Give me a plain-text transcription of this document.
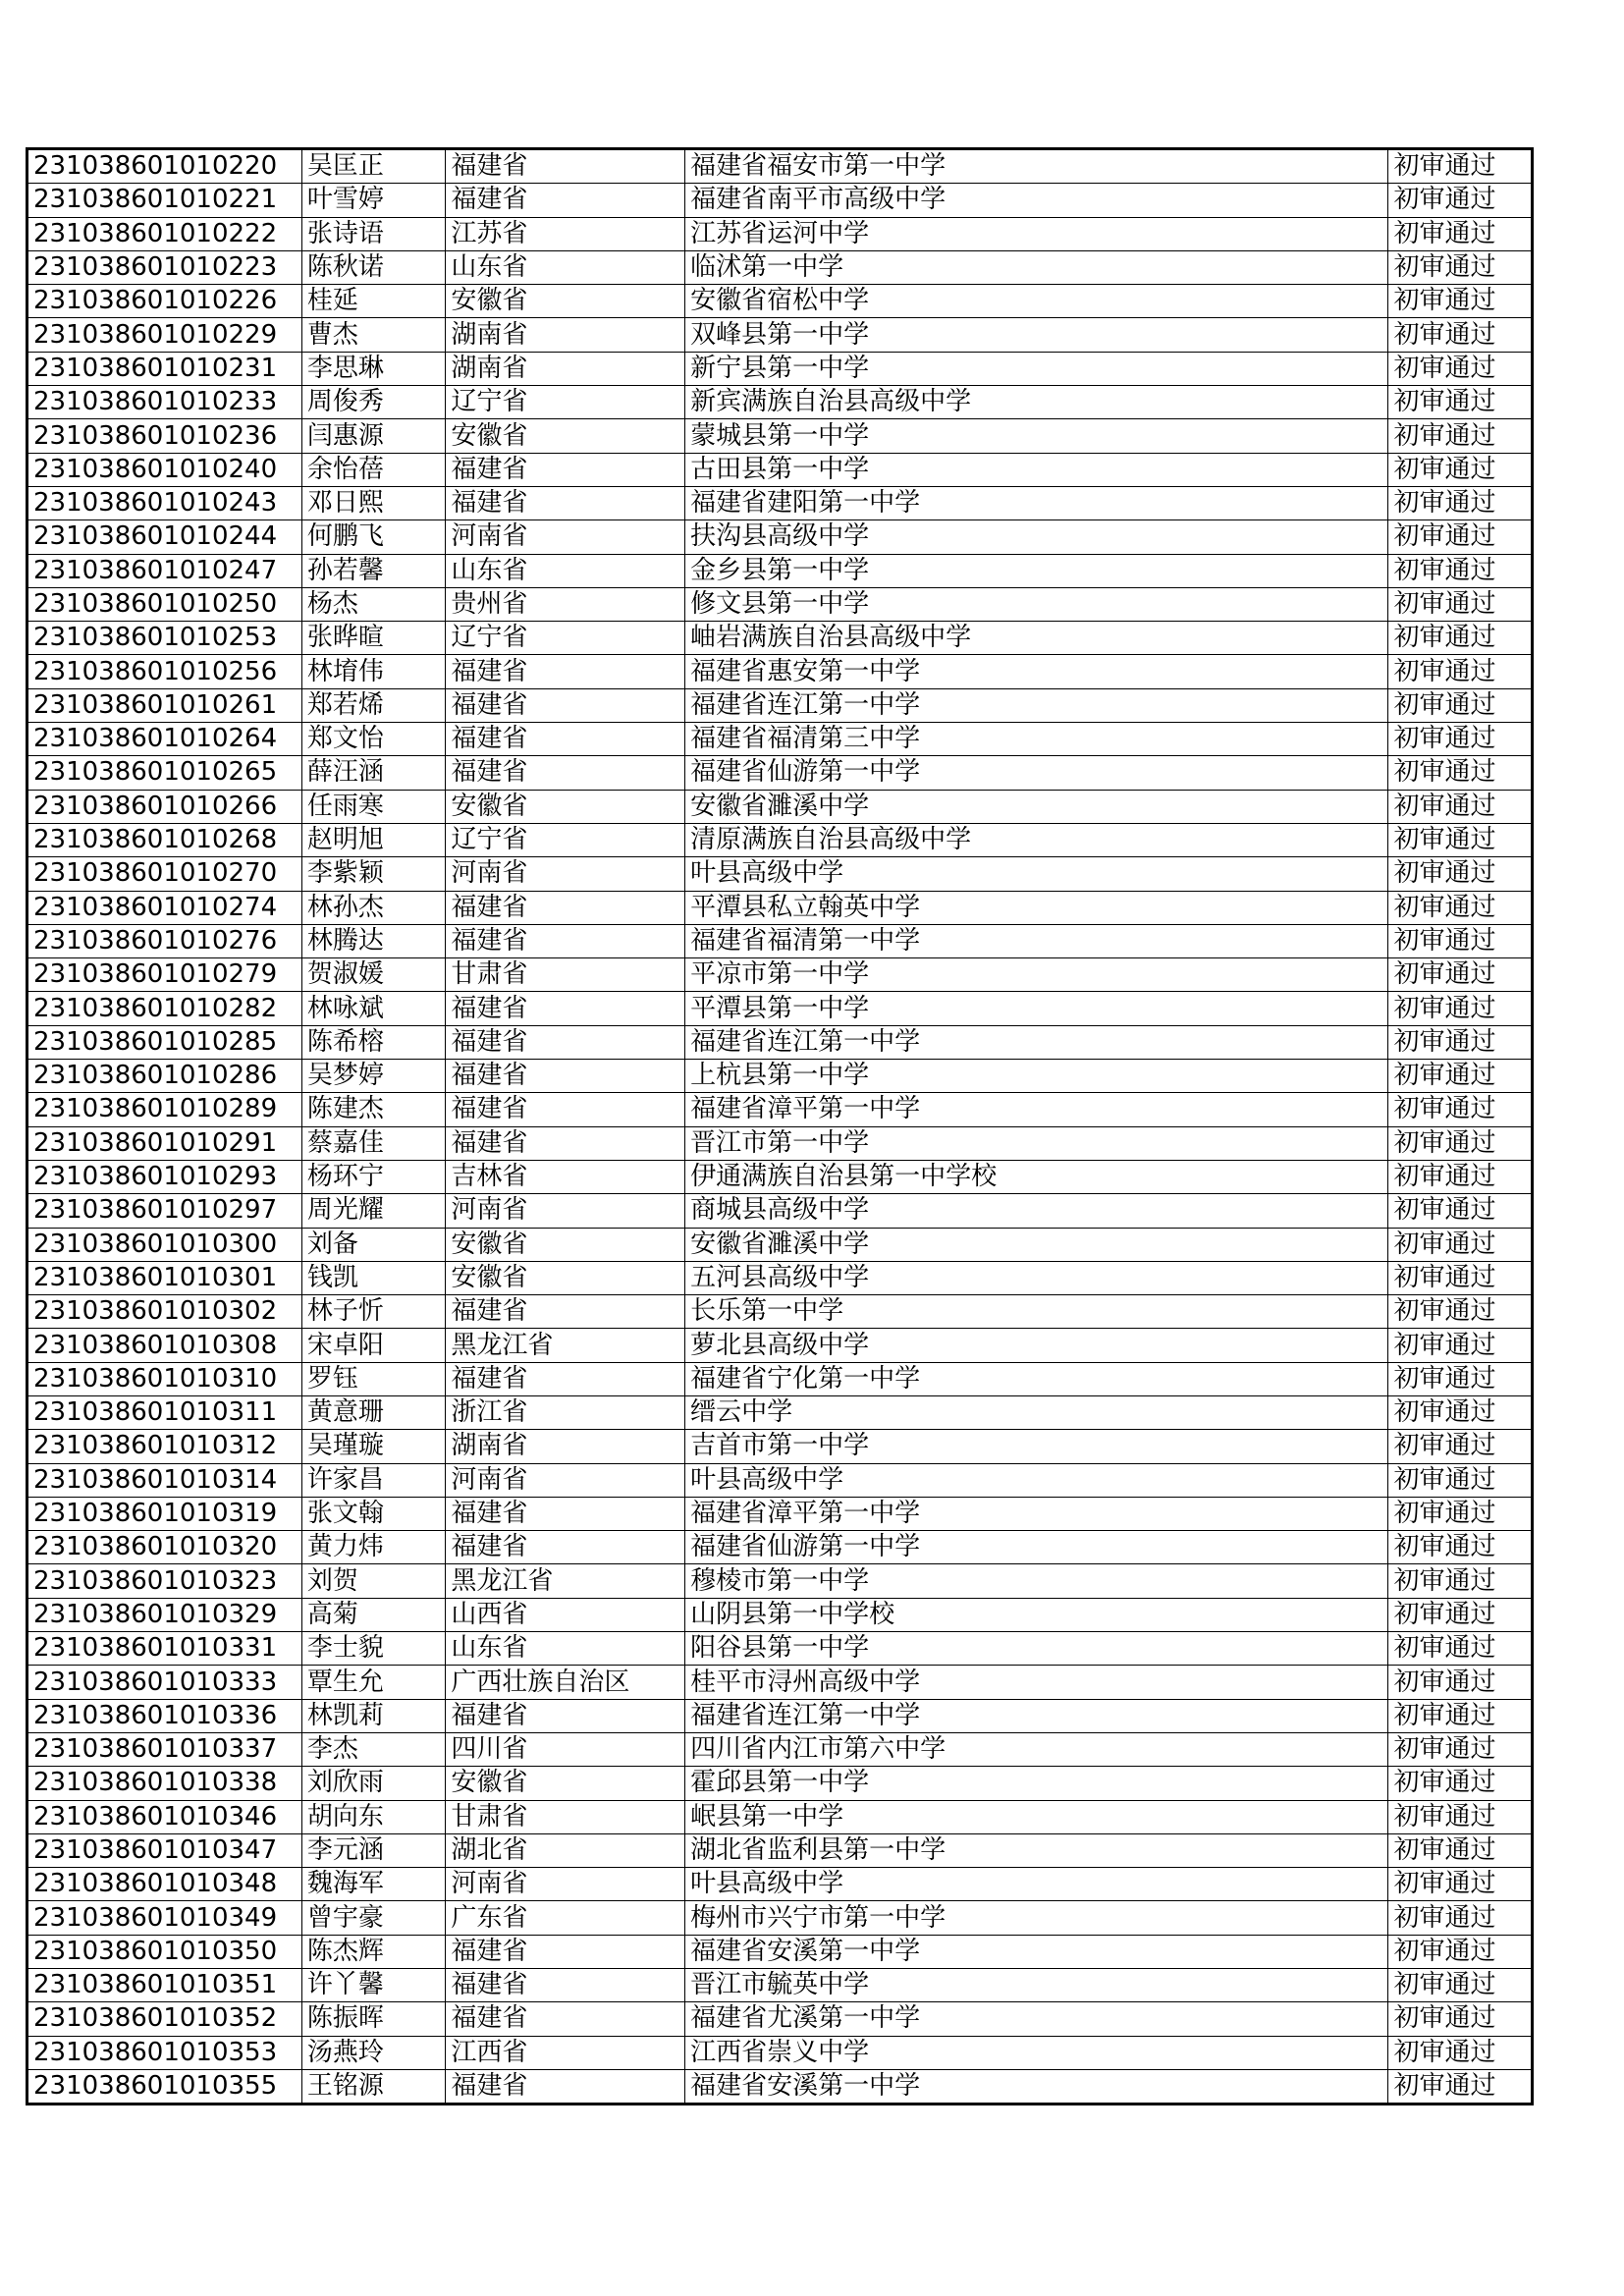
231038601010220	吴匡正	福建省	福建省福安市第一中学	初审通过
231038601010221	叶雪婷	福建省	福建省南平市高级中学	初审通过
231038601010222	张诗语	江苏省	江苏省运河中学	初审通过
231038601010223	陈秋诺	山东省	临沭第一中学	初审通过
231038601010226	桂延	安徽省	安徽省宿松中学	初审通过
231038601010229	曹杰	湖南省	双峰县第一中学	初审通过
231038601010231	李思琳	湖南省	新宁县第一中学	初审通过
231038601010233	周俊秀	辽宁省	新宾满族自治县高级中学	初审通过
231038601010236	闫惠源	安徽省	蒙城县第一中学	初审通过
231038601010240	余怡蓓	福建省	古田县第一中学	初审通过
231038601010243	邓日熙	福建省	福建省建阳第一中学	初审通过
231038601010244	何鹏飞	河南省	扶沟县高级中学	初审通过
231038601010247	孙若馨	山东省	金乡县第一中学	初审通过
231038601010250	杨杰	贵州省	修文县第一中学	初审通过
231038601010253	张晔暄	辽宁省	岫岩满族自治县高级中学	初审通过
231038601010256	林堉伟	福建省	福建省惠安第一中学	初审通过
231038601010261	郑若烯	福建省	福建省连江第一中学	初审通过
231038601010264	郑文怡	福建省	福建省福清第三中学	初审通过
231038601010265	薛汪涵	福建省	福建省仙游第一中学	初审通过
231038601010266	任雨寒	安徽省	安徽省濉溪中学	初审通过
231038601010268	赵明旭	辽宁省	清原满族自治县高级中学	初审通过
231038601010270	李紫颖	河南省	叶县高级中学	初审通过
231038601010274	林孙杰	福建省	平潭县私立翰英中学	初审通过
231038601010276	林腾达	福建省	福建省福清第一中学	初审通过
231038601010279	贺淑媛	甘肃省	平凉市第一中学	初审通过
231038601010282	林咏斌	福建省	平潭县第一中学	初审通过
231038601010285	陈希榕	福建省	福建省连江第一中学	初审通过
231038601010286	吴梦婷	福建省	上杭县第一中学	初审通过
231038601010289	陈建杰	福建省	福建省漳平第一中学	初审通过
231038601010291	蔡嘉佳	福建省	晋江市第一中学	初审通过
231038601010293	杨环宁	吉林省	伊通满族自治县第一中学校	初审通过
231038601010297	周光耀	河南省	商城县高级中学	初审通过
231038601010300	刘备	安徽省	安徽省濉溪中学	初审通过
231038601010301	钱凯	安徽省	五河县高级中学	初审通过
231038601010302	林子忻	福建省	长乐第一中学	初审通过
231038601010308	宋卓阳	黑龙江省	萝北县高级中学	初审通过
231038601010310	罗钰	福建省	福建省宁化第一中学	初审通过
231038601010311	黄意珊	浙江省	缙云中学	初审通过
231038601010312	吴瑾璇	湖南省	吉首市第一中学	初审通过
231038601010314	许家昌	河南省	叶县高级中学	初审通过
231038601010319	张文翰	福建省	福建省漳平第一中学	初审通过
231038601010320	黄力炜	福建省	福建省仙游第一中学	初审通过
231038601010323	刘贺	黑龙江省	穆棱市第一中学	初审通过
231038601010329	高菊	山西省	山阴县第一中学校	初审通过
231038601010331	李士貌	山东省	阳谷县第一中学	初审通过
231038601010333	覃生允	广西壮族自治区	桂平市浔州高级中学	初审通过
231038601010336	林凯莉	福建省	福建省连江第一中学	初审通过
231038601010337	李杰	四川省	四川省内江市第六中学	初审通过
231038601010338	刘欣雨	安徽省	霍邱县第一中学	初审通过
231038601010346	胡向东	甘肃省	岷县第一中学	初审通过
231038601010347	李元涵	湖北省	湖北省监利县第一中学	初审通过
231038601010348	魏海军	河南省	叶县高级中学	初审通过
231038601010349	曾宇豪	广东省	梅州市兴宁市第一中学	初审通过
231038601010350	陈杰辉	福建省	福建省安溪第一中学	初审通过
231038601010351	许丫馨	福建省	晋江市毓英中学	初审通过
231038601010352	陈振晖	福建省	福建省尤溪第一中学	初审通过
231038601010353	汤燕玲	江西省	江西省崇义中学	初审通过
231038601010355	王铭源	福建省	福建省安溪第一中学	初审通过
